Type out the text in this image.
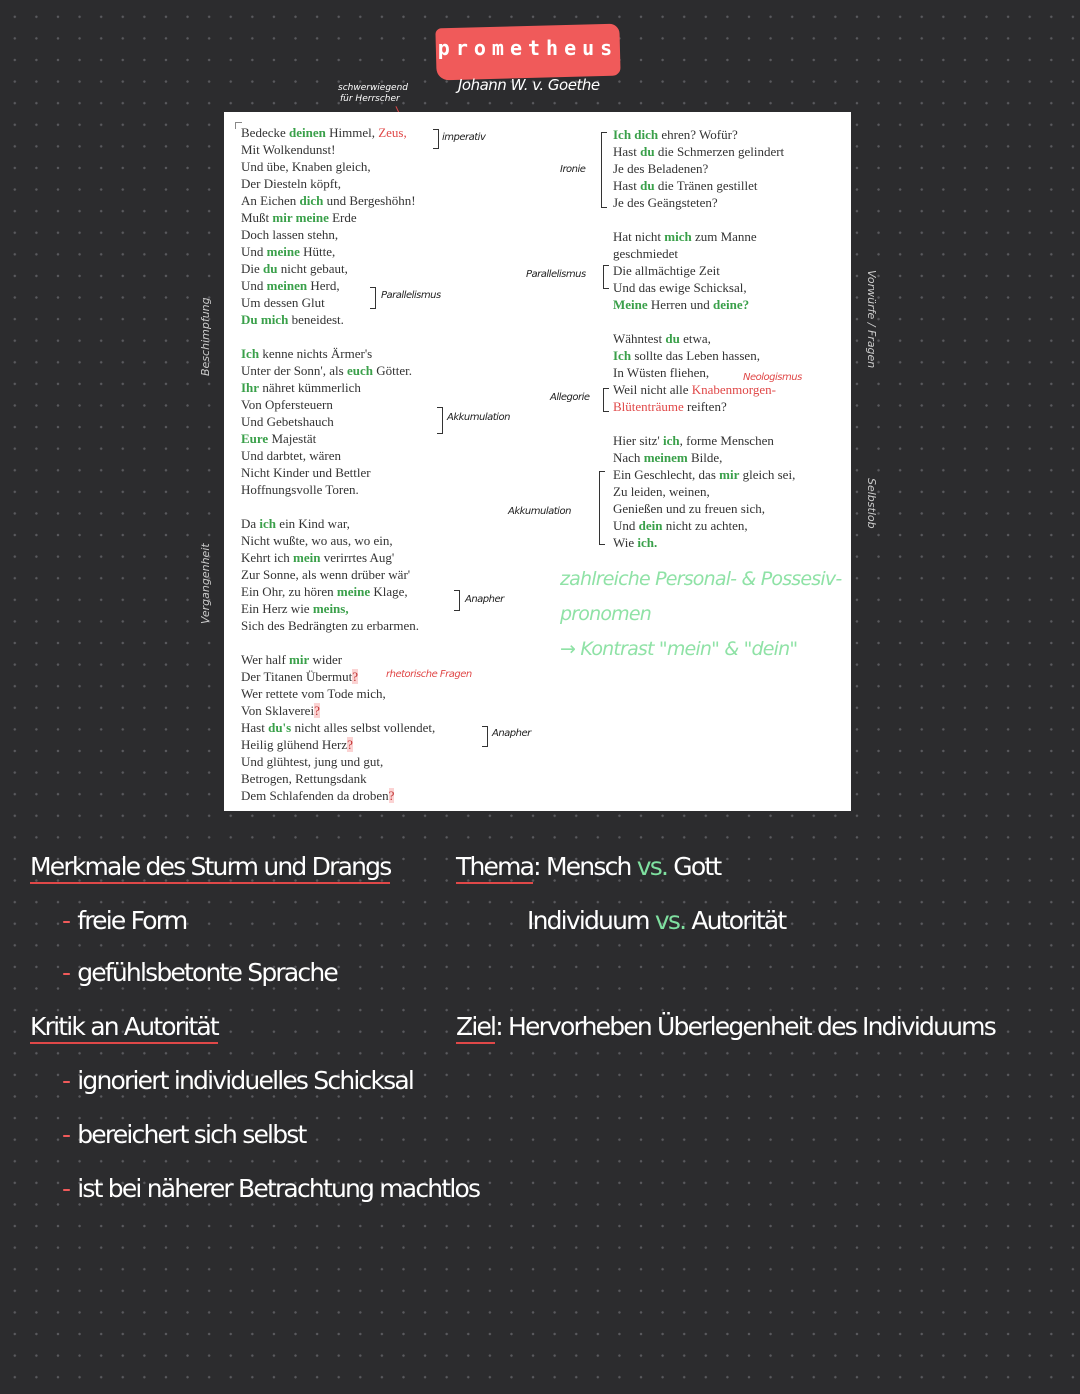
prometheus
Johann W. v. Goethe
schwerwiegend
für Herrscher
Beschimpfung
Vergangenheit
Vorwürfe / Fragen
Selbstlob
Bedecke deinen Himmel, Zeus,
Mit Wolkendunst!
Und übe, Knaben gleich,
Der Diesteln köpft,
An Eichen dich und Bergeshöhn!
Mußt mir meine Erde
Doch lassen stehn,
Und meine Hütte,
Die du nicht gebaut,
Und meinen Herd,
Um dessen Glut
Du mich beneidest.
Ich kenne nichts Ärmer's
Unter der Sonn', als euch Götter.
Ihr nähret kümmerlich
Von Opfersteuern
Und Gebetshauch
Eure Majestät
Und darbtet, wären
Nicht Kinder und Bettler
Hoffnungsvolle Toren.
Da ich ein Kind war,
Nicht wußte, wo aus, wo ein,
Kehrt ich mein verirrtes Aug'
Zur Sonne, als wenn drüber wär'
Ein Ohr, zu hören meine Klage,
Ein Herz wie meins,
Sich des Bedrängten zu erbarmen.
Wer half mir wider
Der Titanen Übermut?
Wer rettete vom Tode mich,
Von Sklaverei?
Hast du's nicht alles selbst vollendet,
Heilig glühend Herz?
Und glühtest, jung und gut,
Betrogen, Rettungsdank
Dem Schlafenden da droben?
Ich dich ehren? Wofür?
Hast du die Schmerzen gelindert
Je des Beladenen?
Hast du die Tränen gestillet
Je des Geängsteten?
Hat nicht mich zum Manne
geschmiedet
Die allmächtige Zeit
Und das ewige Schicksal,
Meine Herren und deine?
Wähntest du etwa,
Ich sollte das Leben hassen,
In Wüsten fliehen,
Weil nicht alle Knabenmorgen-
Blütenträume reiften?
Hier sitz' ich, forme Menschen
Nach meinem Bilde,
Ein Geschlecht, das mir gleich sei,
Zu leiden, weinen,
Genießen und zu freuen sich,
Und dein nicht zu achten,
Wie ich.
imperativ
Parallelismus
Akkumulation
Anapher
rhetorische Fragen
Anapher
Ironie
Parallelismus
Allegorie
Neologismus
Akkumulation
zahlreiche Personal- & Possesiv-
pronomen
→ Kontrast "mein" & "dein"
Merkmale des Sturm und Drangs
- freie Form
- gefühlsbetonte Sprache
Kritik an Autorität
- ignoriert individuelles Schicksal
- bereichert sich selbst
- ist bei näherer Betrachtung machtlos
Thema: Mensch vs. Gott
Individuum vs. Autorität
Ziel: Hervorheben Überlegenheit des Individuums
